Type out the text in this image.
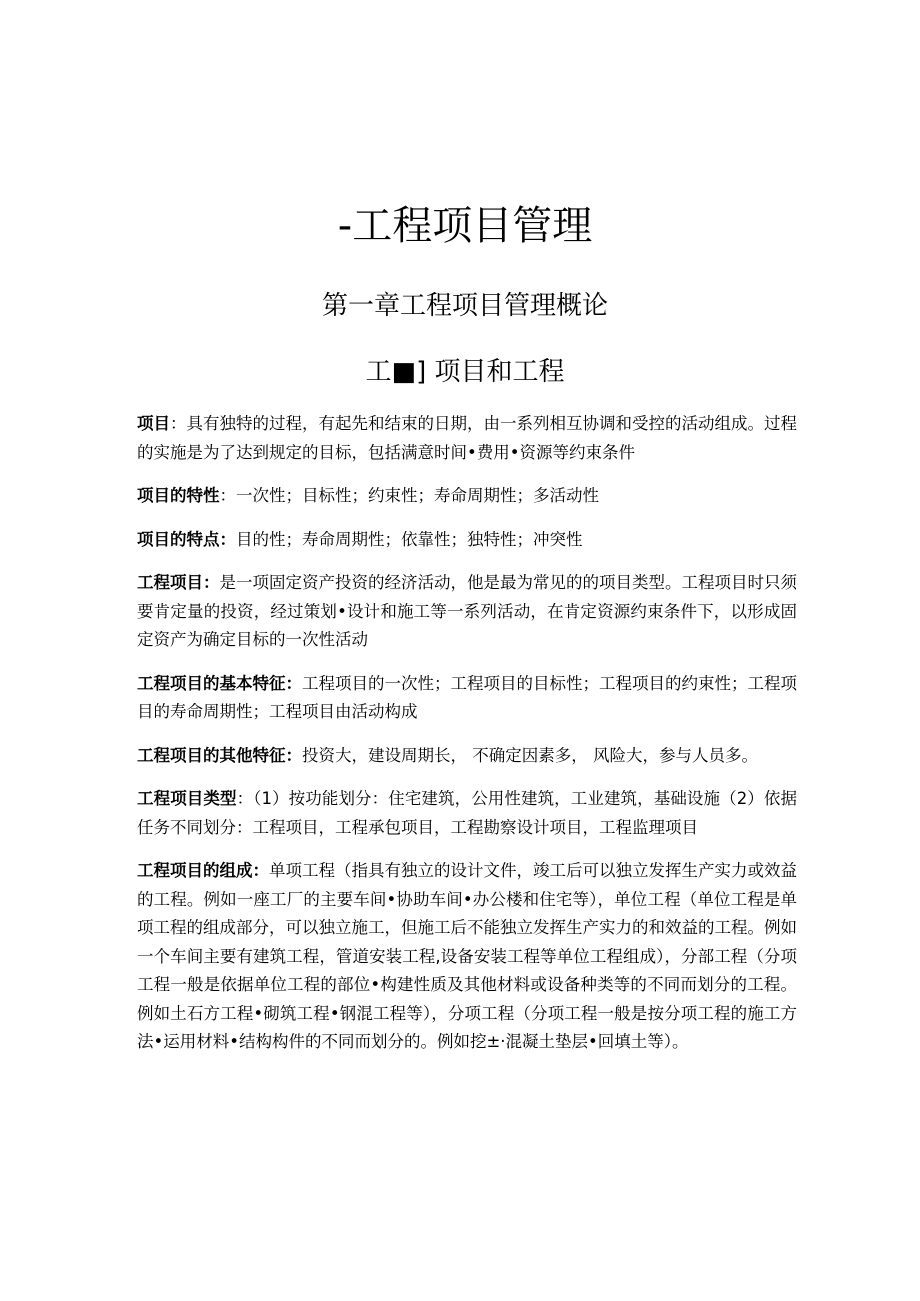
-工程项目管理
第一章工程项目管理概论
工■] 项目和工程

项目：具有独特的过程，有起先和结束的日期，由一系列相互协调和受控的活动组成。过程的实施是为了达到规定的目标，包括满意时间•费用•资源等约束条件

项目的特性：一次性；目标性；约束性；寿命周期性；多活动性

项目的特点：目的性；寿命周期性；依靠性；独特性；冲突性

工程项目：是一项固定资产投资的经济活动，他是最为常见的的项目类型。工程项目时只须要肯定量的投资，经过策划•设计和施工等一系列活动，在肯定资源约束条件下，以形成固定资产为确定目标的一次性活动

工程项目的基本特征：工程项目的一次性；工程项目的目标性；工程项目的约束性；工程项目的寿命周期性；工程项目由活动构成

工程项目的其他特征：投资大，建设周期长， 不确定因素多， 风险大，参与人员多。

工程项目类型：（1）按功能划分：住宅建筑，公用性建筑，工业建筑，基础设施（2）依据任务不同划分：工程项目，工程承包项目，工程勘察设计项目，工程监理项目

工程项目的组成：单项工程（指具有独立的设计文件，竣工后可以独立发挥生产实力或效益的工程。例如一座工厂的主要车间•协助车间•办公楼和住宅等），单位工程（单位工程是单项工程的组成部分，可以独立施工，但施工后不能独立发挥生产实力的和效益的工程。例如一个车间主要有建筑工程，管道安装工程,设备安装工程等单位工程组成），分部工程（分项工程一般是依据单位工程的部位•构建性质及其他材料或设备种类等的不同而划分的工程。例如土石方工程•砌筑工程•钢混工程等），分项工程（分项工程一般是按分项工程的施工方法•运用材料•结构构件的不同而划分的。例如挖±·混凝土垫层•回填土等）。
